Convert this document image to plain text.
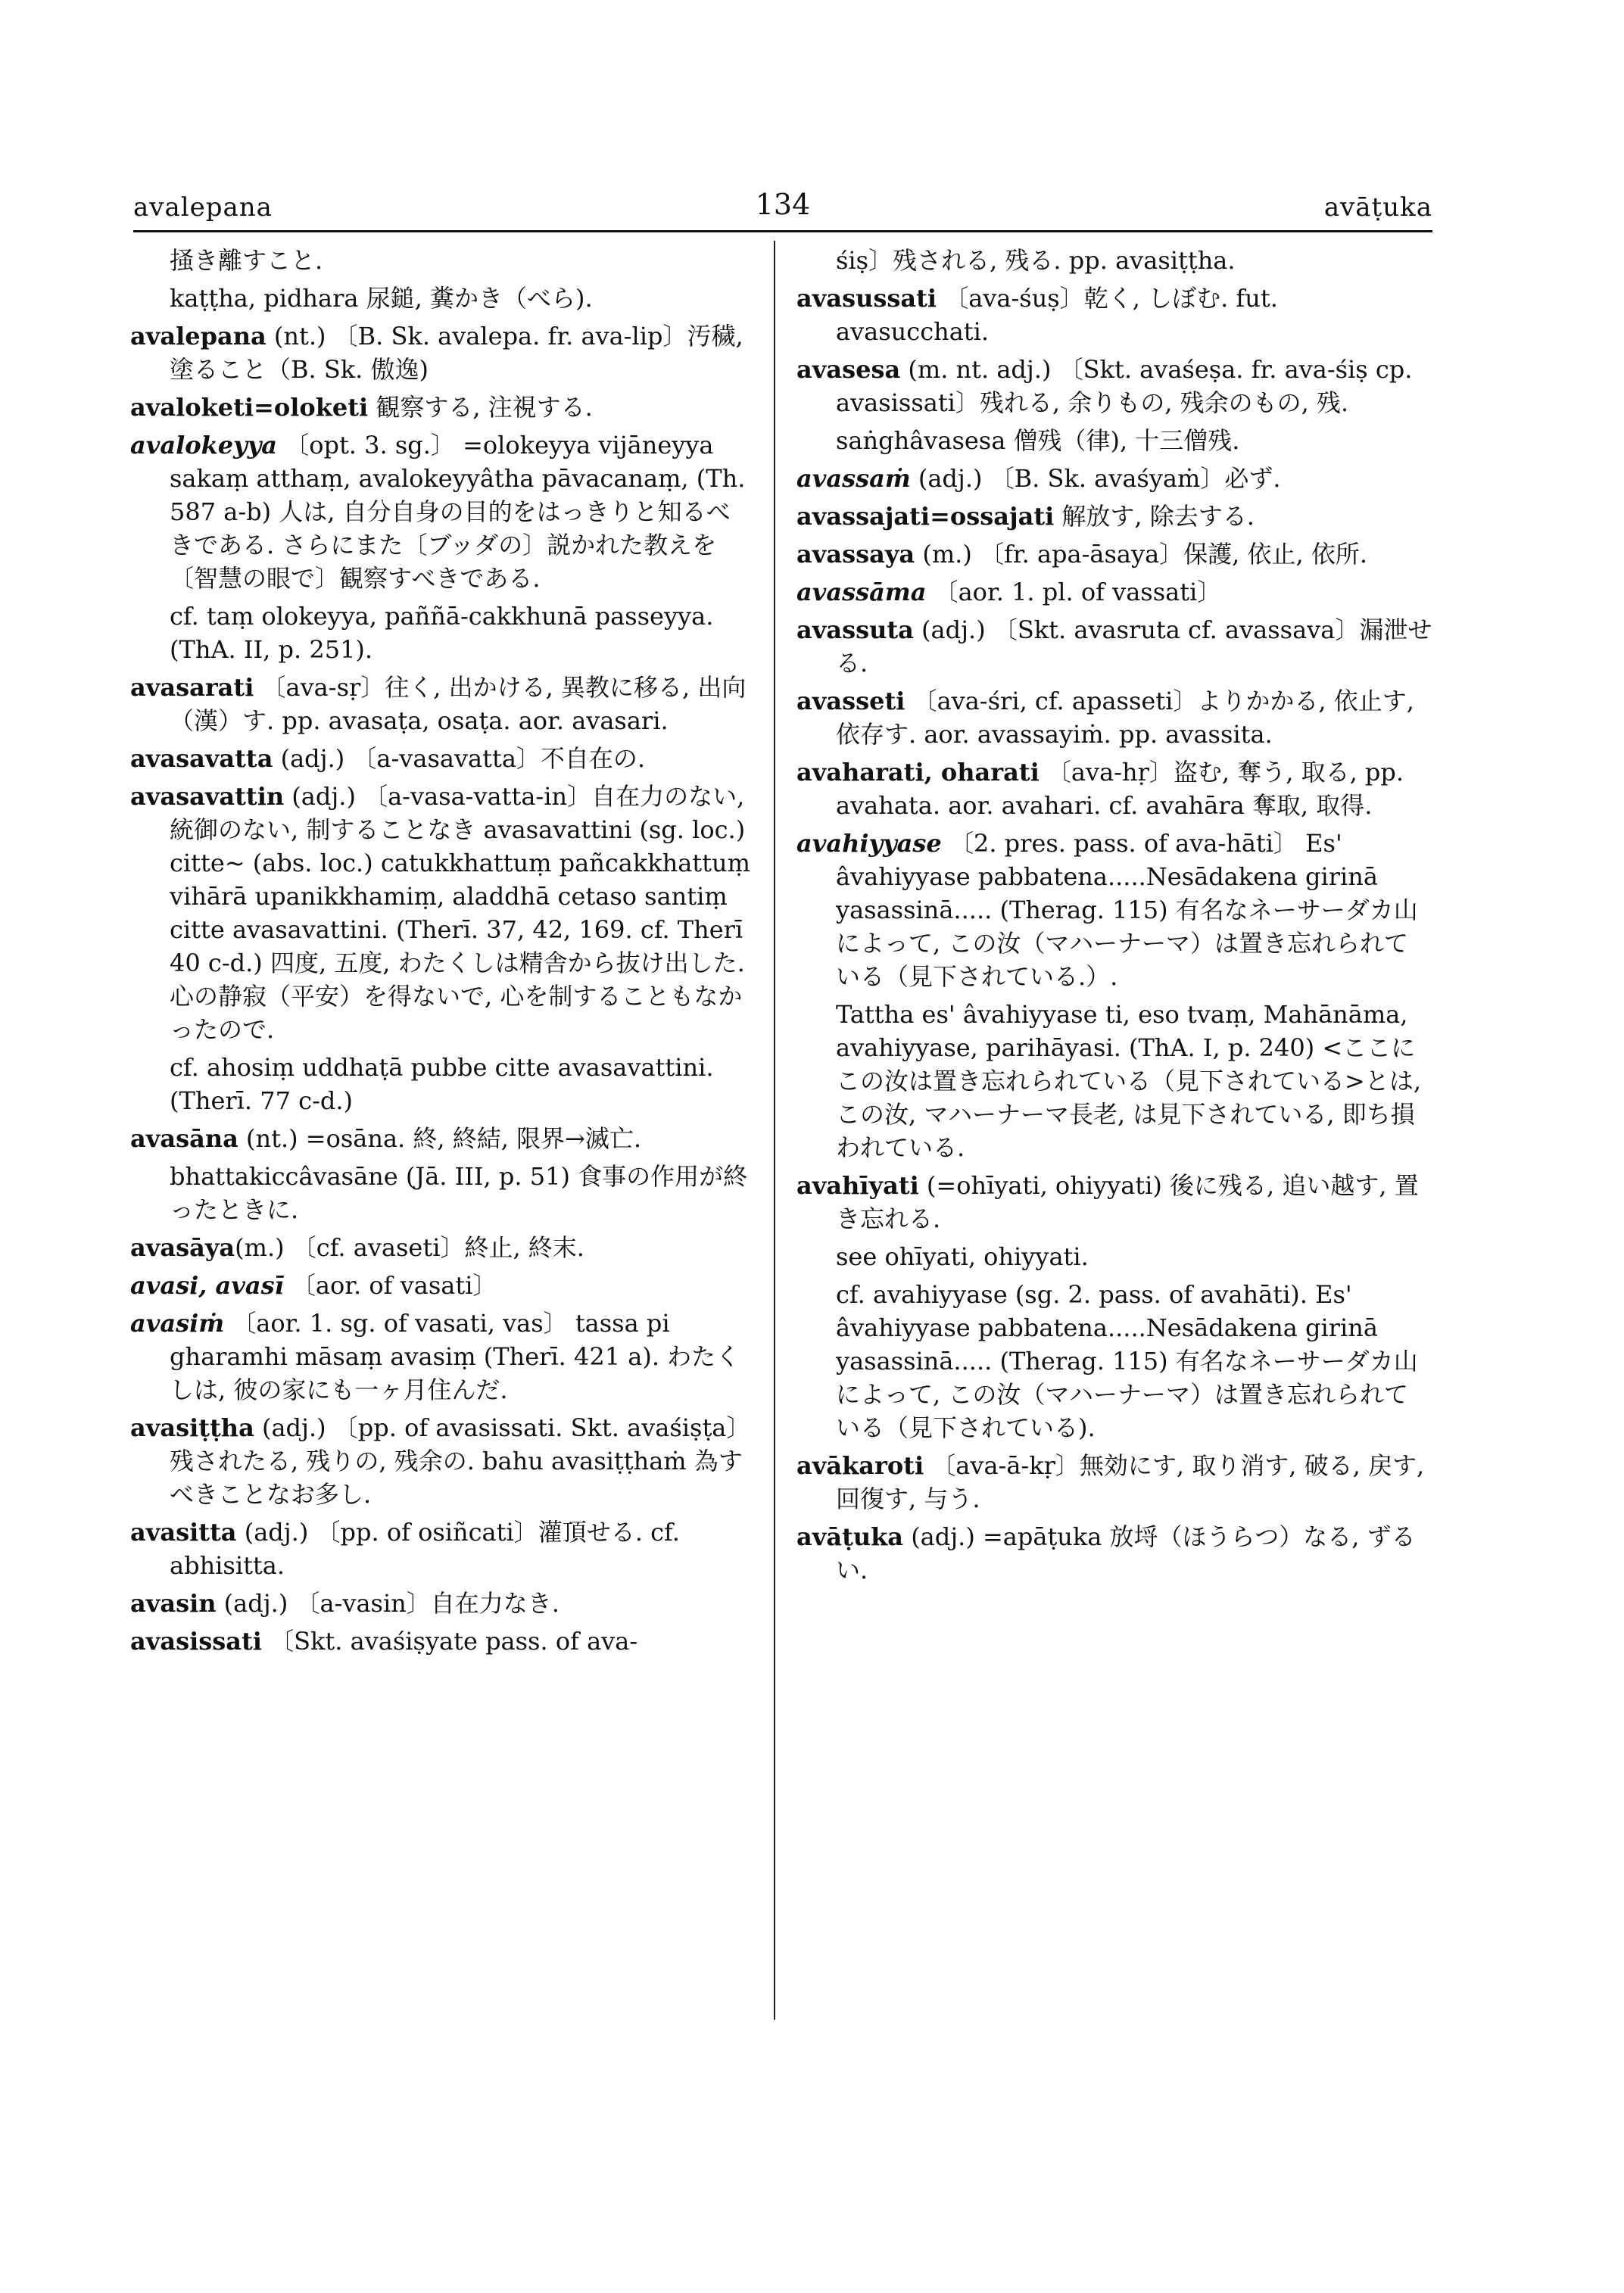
avalepana	134	avāṭuka

掻き離すこと.

kaṭṭha, pidhara 尿鎚, 糞かき（べら).

avalepana (nt.) 〔B. Sk. avalepa. fr. ava-lip〕汚穢, 塗ること（B. Sk. 傲逸)

avaloketi=oloketi 観察する, 注視する.

avalokeyya 〔opt. 3. sg.〕 =olokeyya vijāneyya sakaṃ atthaṃ, avalokeyyâtha pāvacanaṃ, (Th. 587 a-b) 人は, 自分自身の目的をはっきりと知るべきである. さらにまた〔ブッダの〕説かれた教えを〔智慧の眼で〕観察すべきである.

cf. taṃ olokeyya, paññā-cakkhunā passeyya. (ThA. II, p. 251).

avasarati 〔ava-sṛ〕往く, 出かける, 異教に移る, 出向（漢）す. pp. avasaṭa, osaṭa. aor. avasari.

avasavatta (adj.) 〔a-vasavatta〕不自在の.

avasavattin (adj.) 〔a-vasa-vatta-in〕自在力のない, 統御のない, 制することなき avasavattini (sg. loc.) citte~ (abs. loc.) catukkhattuṃ pañcakkhattuṃ vihārā upanikkhamiṃ, aladdhā cetaso santiṃ citte avasavattini. (Therī. 37, 42, 169. cf. Therī 40 c-d.) 四度, 五度, わたくしは精舎から抜け出した. 心の静寂（平安）を得ないで, 心を制することもなかったので.

cf. ahosiṃ uddhaṭā pubbe citte avasavattini. (Therī. 77 c-d.)

avasāna (nt.) =osāna. 終, 終結, 限界→滅亡.

bhattakiccâvasāne (Jā. III, p. 51) 食事の作用が終ったときに.

avasāya(m.) 〔cf. avaseti〕終止, 終末.

avasi, avasī 〔aor. of vasati〕

avasiṁ 〔aor. 1. sg. of vasati, vas〕 tassa pi gharamhi māsaṃ avasiṃ (Therī. 421 a). わたくしは, 彼の家にも一ヶ月住んだ.

avasiṭṭha (adj.) 〔pp. of avasissati. Skt. avaśiṣṭa〕残されたる, 残りの, 残余の. bahu avasiṭṭhaṁ 為すべきことなお多し.

avasitta (adj.) 〔pp. of osiñcati〕灌頂せる. cf. abhisitta.

avasin (adj.) 〔a-vasin〕自在力なき.

avasissati 〔Skt. avaśiṣyate pass. of ava-

śiṣ〕残される, 残る. pp. avasiṭṭha.

avasussati 〔ava-śuṣ〕乾く, しぼむ. fut. avasucchati.

avasesa (m. nt. adj.) 〔Skt. avaśeṣa. fr. ava-śiṣ cp. avasissati〕残れる, 余りもの, 残余のもの, 残.

saṅghâvasesa 僧残（律), 十三僧残.

avassaṁ (adj.) 〔B. Sk. avaśyaṁ〕必ず.

avassajati=ossajati 解放す, 除去する.

avassaya (m.) 〔fr. apa-āsaya〕保護, 依止, 依所.

avassāma 〔aor. 1. pl. of vassati〕

avassuta (adj.) 〔Skt. avasruta cf. avassava〕漏泄せる.

avasseti 〔ava-śri, cf. apasseti〕よりかかる, 依止す, 依存す. aor. avassayiṁ. pp. avassita.

avaharati, oharati 〔ava-hṛ〕盗む, 奪う, 取る, pp. avahata. aor. avahari. cf. avahāra 奪取, 取得.

avahiyyase 〔2. pres. pass. of ava-hāti〕 Es' âvahiyyase pabbatena.....Nesādakena girinā yasassinā..... (Therag. 115) 有名なネーサーダカ山によって, この汝（マハーナーマ）は置き忘れられている（見下されている.）.

Tattha es' âvahiyyase ti, eso tvaṃ, Mahānāma, avahiyyase, parihāyasi. (ThA. I, p. 240) <ここにこの汝は置き忘れられている（見下されている>とは, この汝, マハーナーマ長老, は見下されている, 即ち損われている.

avahīyati (=ohīyati, ohiyyati) 後に残る, 追い越す, 置き忘れる.

see ohīyati, ohiyyati.

cf. avahiyyase (sg. 2. pass. of avahāti). Es' âvahiyyase pabbatena.....Nesādakena girinā yasassinā..... (Therag. 115) 有名なネーサーダカ山によって, この汝（マハーナーマ）は置き忘れられている（見下されている).

avākaroti 〔ava-ā-kṛ〕無効にす, 取り消す, 破る, 戻す, 回復す, 与う.

avāṭuka (adj.) =apāṭuka 放埒（ほうらつ）なる, ずるい.
